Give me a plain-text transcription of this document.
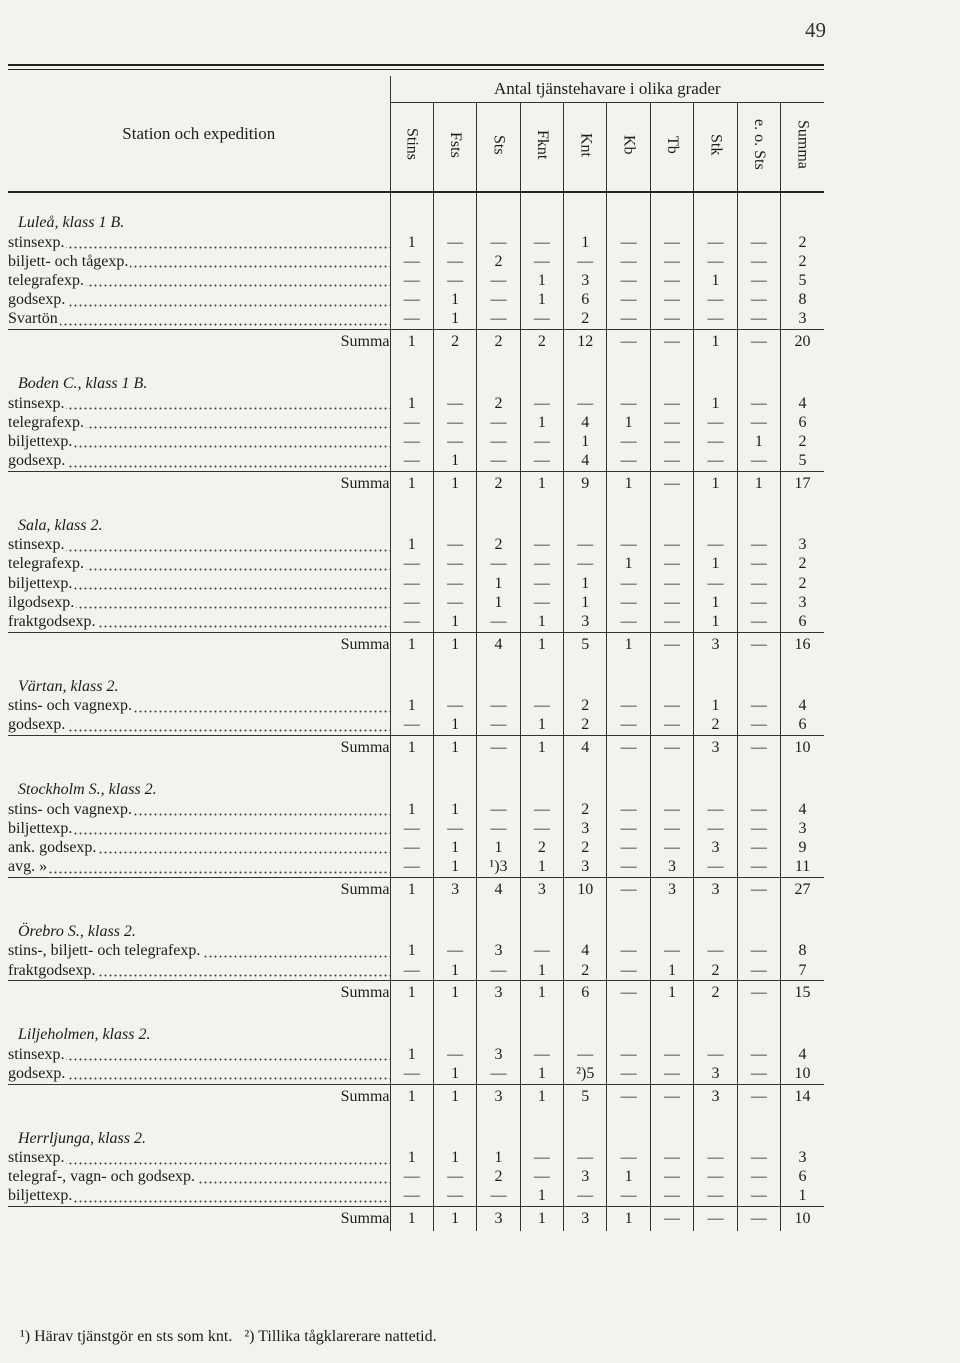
49
Station och expedition	Antal tjänstehavare i olika grader									
	Stins	Fsts	Sts	Fknt	Knt	Kb	Tb	Stk	e. o. Sts	Summa

Luleå, klass 1 B.										
stinsexp.	1	—	—	—	1	—	—	—	—	2
biljett- och tågexp.	—	—	2	—	—	—	—	—	—	2
telegrafexp.	—	—	—	1	3	—	—	1	—	5
godsexp.	—	1	—	1	6	—	—	—	—	8
Svartön	—	1	—	—	2	—	—	—	—	3
Summa	1	2	2	2	12	—	—	1	—	20

Boden C., klass 1 B.										
stinsexp.	1	—	2	—	—	—	—	1	—	4
telegrafexp.	—	—	—	1	4	1	—	—	—	6
biljettexp.	—	—	—	—	1	—	—	—	1	2
godsexp.	—	1	—	—	4	—	—	—	—	5
Summa	1	1	2	1	9	1	—	1	1	17

Sala, klass 2.										
stinsexp.	1	—	2	—	—	—	—	—	—	3
telegrafexp.	—	—	—	—	—	1	—	1	—	2
biljettexp.	—	—	1	—	1	—	—	—	—	2
ilgodsexp.	—	—	1	—	1	—	—	1	—	3
fraktgodsexp.	—	1	—	1	3	—	—	1	—	6
Summa	1	1	4	1	5	1	—	3	—	16

Värtan, klass 2.										
stins- och vagnexp.	1	—	—	—	2	—	—	1	—	4
godsexp.	—	1	—	1	2	—	—	2	—	6
Summa	1	1	—	1	4	—	—	3	—	10

Stockholm S., klass 2.										
stins- och vagnexp.	1	1	—	—	2	—	—	—	—	4
biljettexp.	—	—	—	—	3	—	—	—	—	3
ank. godsexp.	—	1	1	2	2	—	—	3	—	9
avg. »	—	1	¹)3	1	3	—	3	—	—	11
Summa	1	3	4	3	10	—	3	3	—	27

Örebro S., klass 2.										
stins-, biljett- och telegrafexp.	1	—	3	—	4	—	—	—	—	8
fraktgodsexp.	—	1	—	1	2	—	1	2	—	7
Summa	1	1	3	1	6	—	1	2	—	15

Liljeholmen, klass 2.										
stinsexp.	1	—	3	—	—	—	—	—	—	4
godsexp.	—	1	—	1	²)5	—	—	3	—	10
Summa	1	1	3	1	5	—	—	3	—	14

Herrljunga, klass 2.										
stinsexp.	1	1	1	—	—	—	—	—	—	3
telegraf-, vagn- och godsexp.	—	—	2	—	3	1	—	—	—	6
biljettexp.	—	—	—	1	—	—	—	—	—	1
Summa	1	1	3	1	3	1	—	—	—	10
¹) Härav tjänstgör en sts som knt. ²) Tillika tågklarerare nattetid.
